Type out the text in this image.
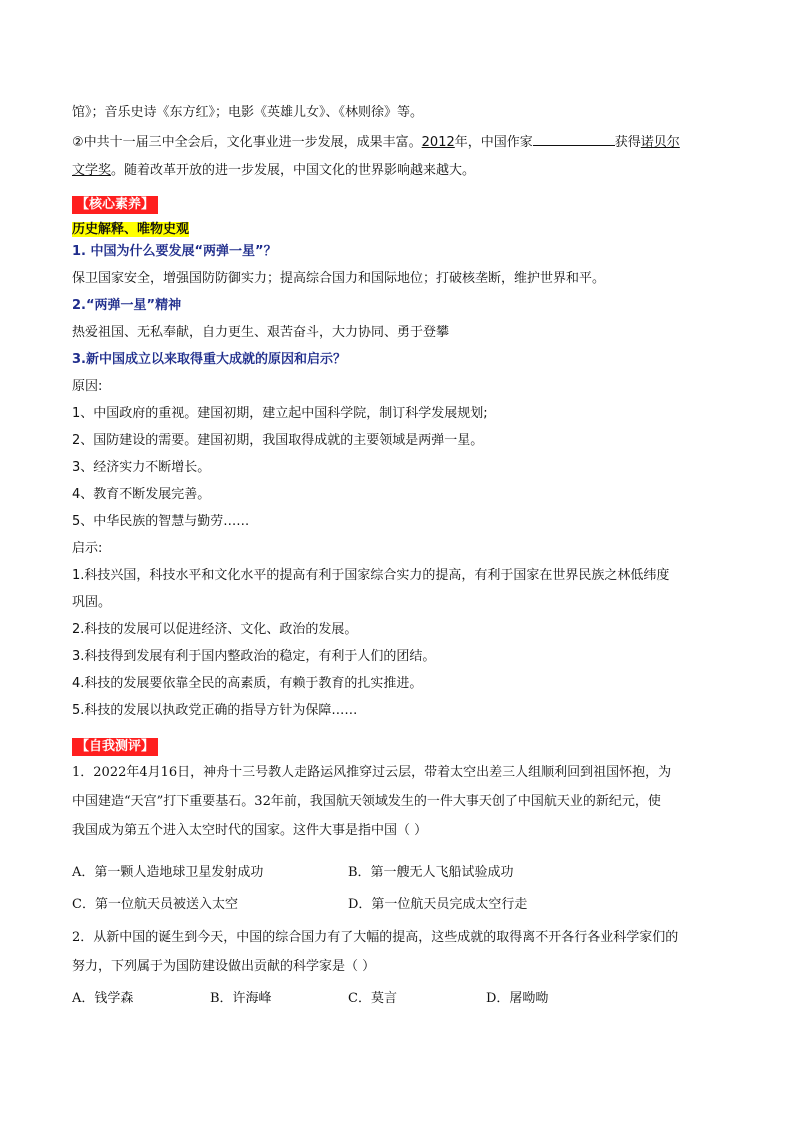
馆》；音乐史诗《东方红》；电影《英雄儿女》、《林则徐》等。
②中共十一届三中全会后，文化事业进一步发展，成果丰富。2012年，中国作家	获得诺贝尔
文学奖。随着改革开放的进一步发展，中国文化的世界影响越来越大。
【核心素养】
历史解释、唯物史观
1. 中国为什么要发展“两弹一星”？
保卫国家安全，增强国防防御实力；提高综合国力和国际地位；打破核垄断，维护世界和平。
2.“两弹一星”精神
热爱祖国、无私奉献，自力更生、艰苦奋斗，大力协同、勇于登攀
3.新中国成立以来取得重大成就的原因和启示？
原因:
1、中国政府的重视。建国初期，建立起中国科学院，制订科学发展规划;
2、国防建设的需要。建国初期，我国取得成就的主要领域是两弹一星。
3、经济实力不断增长。
4、教育不断发展完善。
5、中华民族的智慧与勤劳……
启示:
1.科技兴国，科技水平和文化水平的提高有利于国家综合实力的提高，有利于国家在世界民族之林低纬度
巩固。
2.科技的发展可以促进经济、文化、政治的发展。
3.科技得到发展有利于国内整政治的稳定，有利于人们的团结。
4.科技的发展要依靠全民的高素质，有赖于教育的扎实推进。
5.科技的发展以执政党正确的指导方针为保障……
【自我测评】
1．2022年4月16日，神舟十三号教人走路运风推穿过云层，带着太空出差三人组顺利回到祖国怀抱，为
中国建造“天宫”打下重要基石。32年前，我国航天领域发生的一件大事天创了中国航天业的新纪元，使
我国成为第五个进入太空时代的国家。这件大事是指中国（ ）
A．第一颗人造地球卫星发射成功	B．第一艘无人飞船试验成功
C．第一位航天员被送入太空	D．第一位航天员完成太空行走
2．从新中国的诞生到今天，中国的综合国力有了大幅的提高，这些成就的取得离不开各行各业科学家们的
努力，下列属于为国防建设做出贡献的科学家是（ ）
A．钱学森	B．许海峰	C．莫言	D．屠呦呦
